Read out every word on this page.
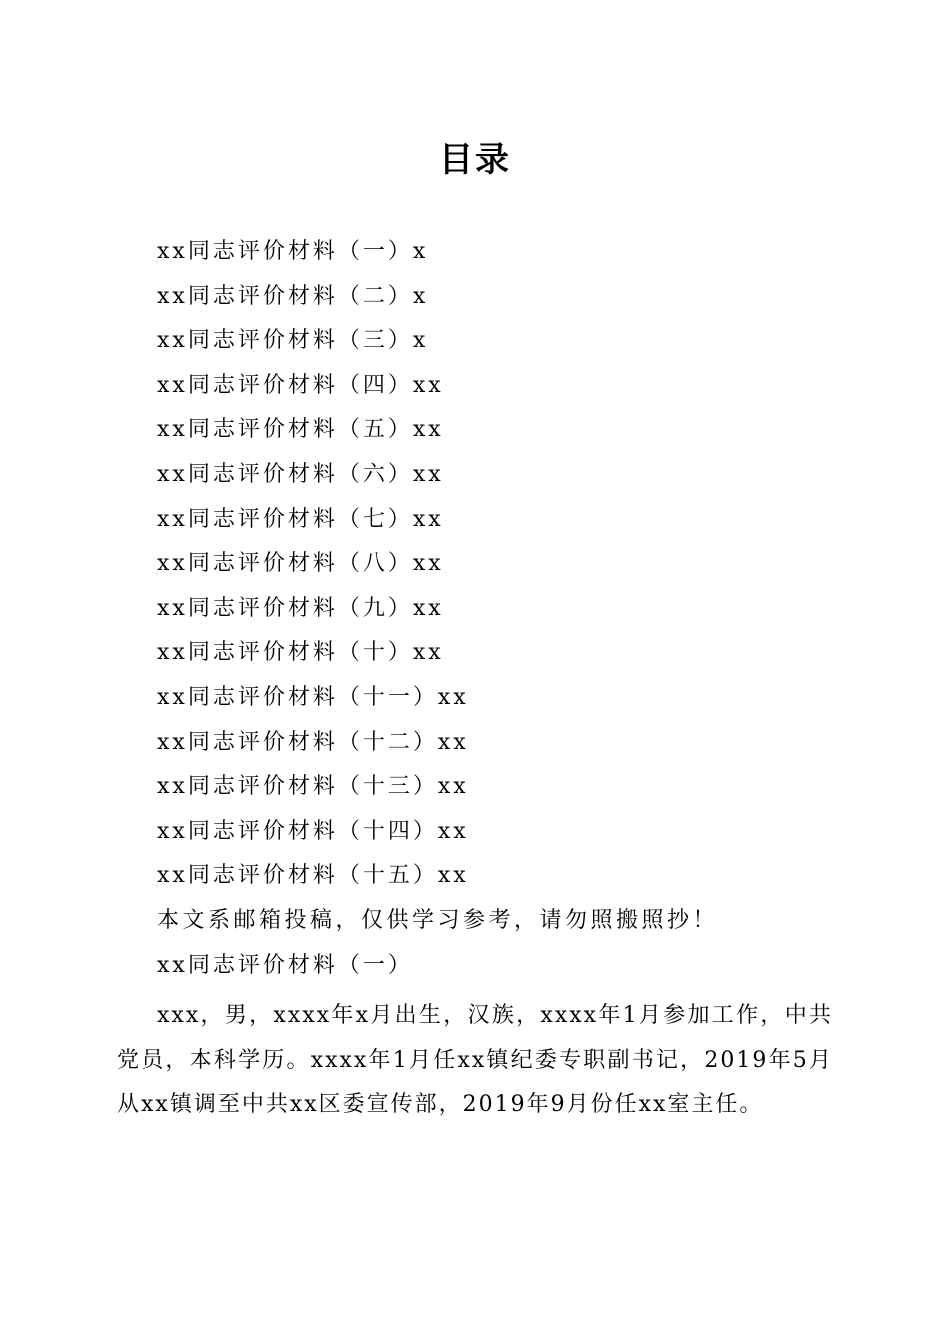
目录
xx同志评价材料（一）x
xx同志评价材料（二）x
xx同志评价材料（三）x
xx同志评价材料（四）xx
xx同志评价材料（五）xx
xx同志评价材料（六）xx
xx同志评价材料（七）xx
xx同志评价材料（八）xx
xx同志评价材料（九）xx
xx同志评价材料（十）xx
xx同志评价材料（十一）xx
xx同志评价材料（十二）xx
xx同志评价材料（十三）xx
xx同志评价材料（十四）xx
xx同志评价材料（十五）xx
本文系邮箱投稿，仅供学习参考，请勿照搬照抄！
xx同志评价材料（一）

xxx，男，xxxx年x月出生，汉族，xxxx年1月参加工作，中共党员，本科学历。xxxx年1月任xx镇纪委专职副书记，2019年5月从xx镇调至中共xx区委宣传部，2019年9月份任xx室主任。
